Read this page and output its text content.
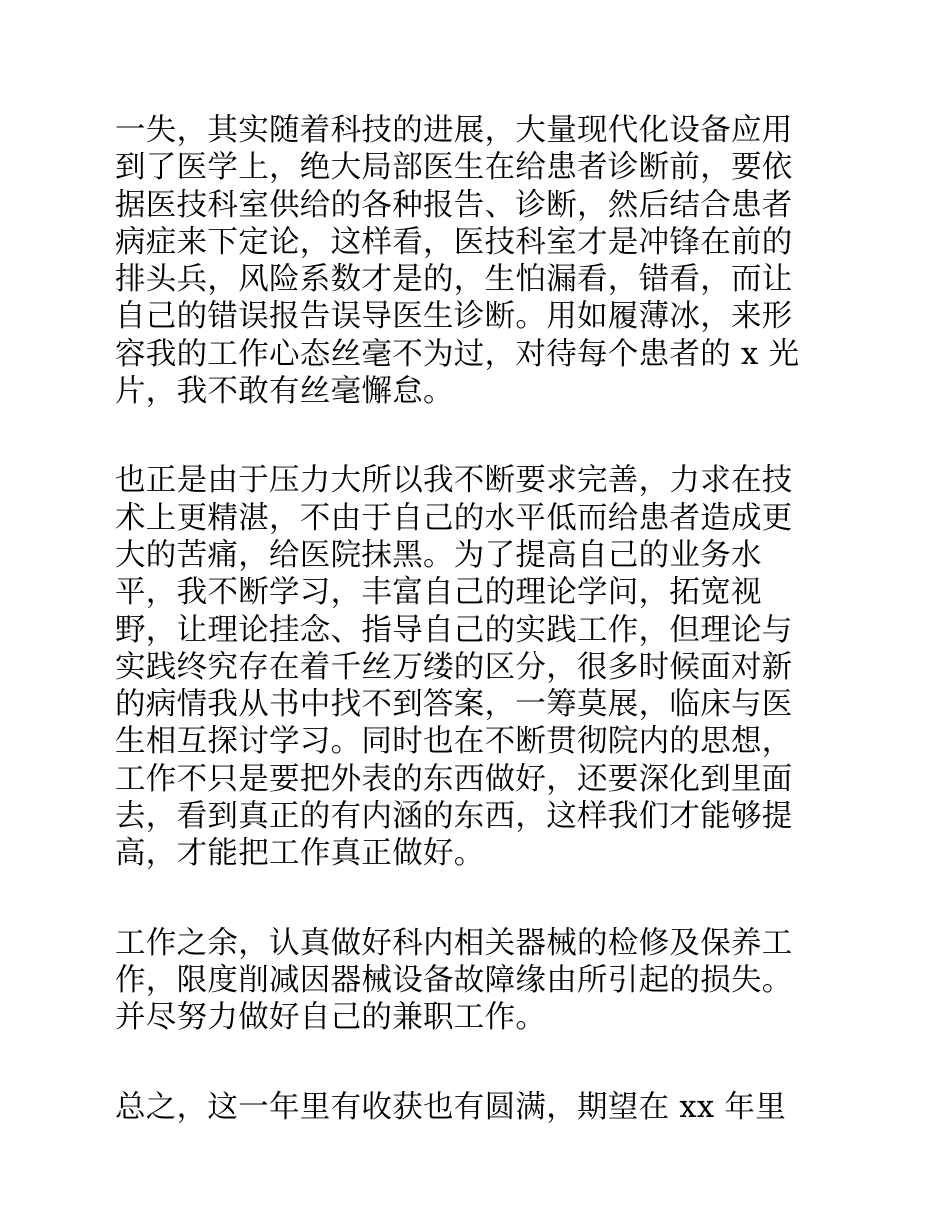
一失，其实随着科技的进展，大量现代化设备应用
到了医学上，绝大局部医生在给患者诊断前，要依
据医技科室供给的各种报告、诊断，然后结合患者
病症来下定论，这样看，医技科室才是冲锋在前的
排头兵，风险系数才是的，生怕漏看，错看，而让
自己的错误报告误导医生诊断。用如履薄冰，来形
容我的工作心态丝毫不为过，对待每个患者的 x 光
片，我不敢有丝毫懈怠。

也正是由于压力大所以我不断要求完善，力求在技
术上更精湛，不由于自己的水平低而给患者造成更
大的苦痛，给医院抹黑。为了提高自己的业务水
平，我不断学习，丰富自己的理论学问，拓宽视
野，让理论挂念、指导自己的实践工作，但理论与
实践终究存在着千丝万缕的区分，很多时候面对新
的病情我从书中找不到答案，一筹莫展，临床与医
生相互探讨学习。同时也在不断贯彻院内的思想，
工作不只是要把外表的东西做好，还要深化到里面
去，看到真正的有内涵的东西，这样我们才能够提
高，才能把工作真正做好。

工作之余，认真做好科内相关器械的检修及保养工
作，限度削减因器械设备故障缘由所引起的损失。
并尽努力做好自己的兼职工作。

总之，这一年里有收获也有圆满，期望在 xx 年里
